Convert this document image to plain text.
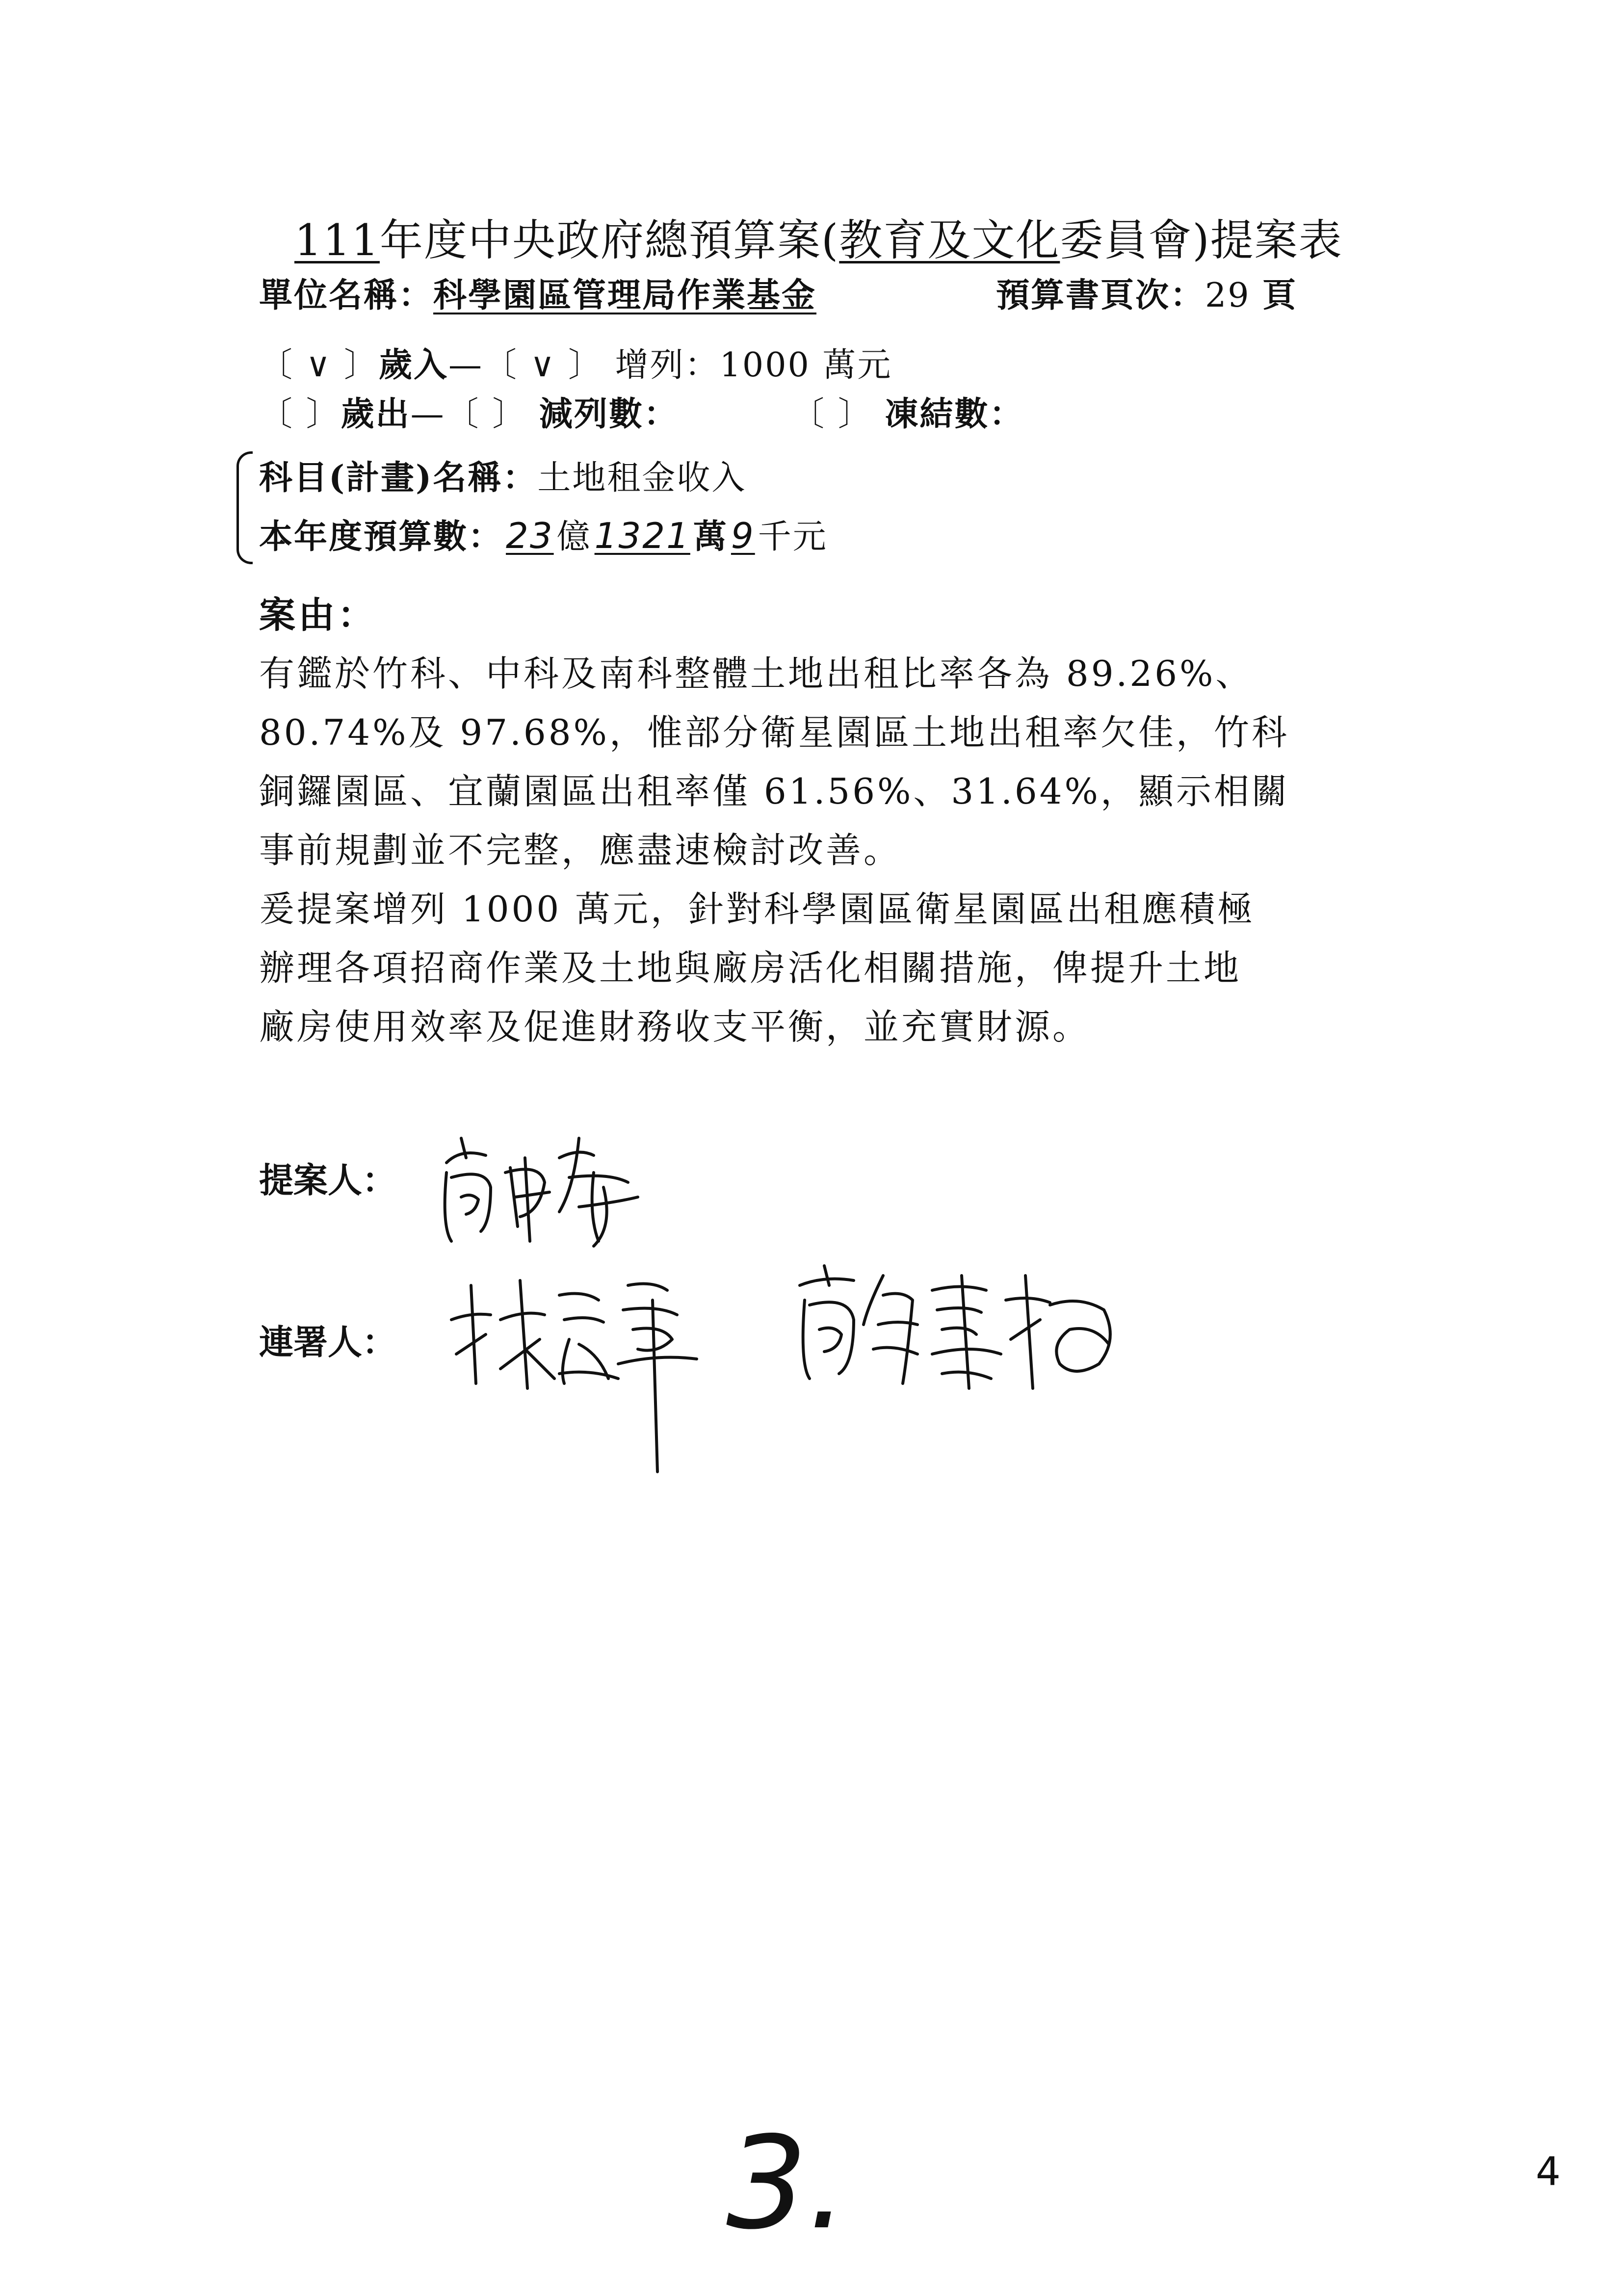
111年度中央政府總預算案(教育及文化委員會)提案表
單位名稱：科學園區管理局作業基金	預算書頁次：29 頁
〔 ∨ 〕歲入—〔 ∨ 〕 增列：1000 萬元
〔 〕歲出—〔 〕 減列數：	〔 〕 凍結數：
科目(計畫)名稱：土地租金收入
本年度預算數：23億1321萬9千元
案由：
有鑑於竹科、中科及南科整體土地出租比率各為 89.26%、
80.74%及 97.68%，惟部分衛星園區土地出租率欠佳，竹科
銅鑼園區、宜蘭園區出租率僅 61.56%、31.64%，顯示相關
事前規劃並不完整，應盡速檢討改善。
爰提案增列 1000 萬元，針對科學園區衛星園區出租應積極
辦理各項招商作業及土地與廠房活化相關措施，俾提升土地
廠房使用效率及促進財務收支平衡，並充實財源。
提案人：
連署人：
3.	4
